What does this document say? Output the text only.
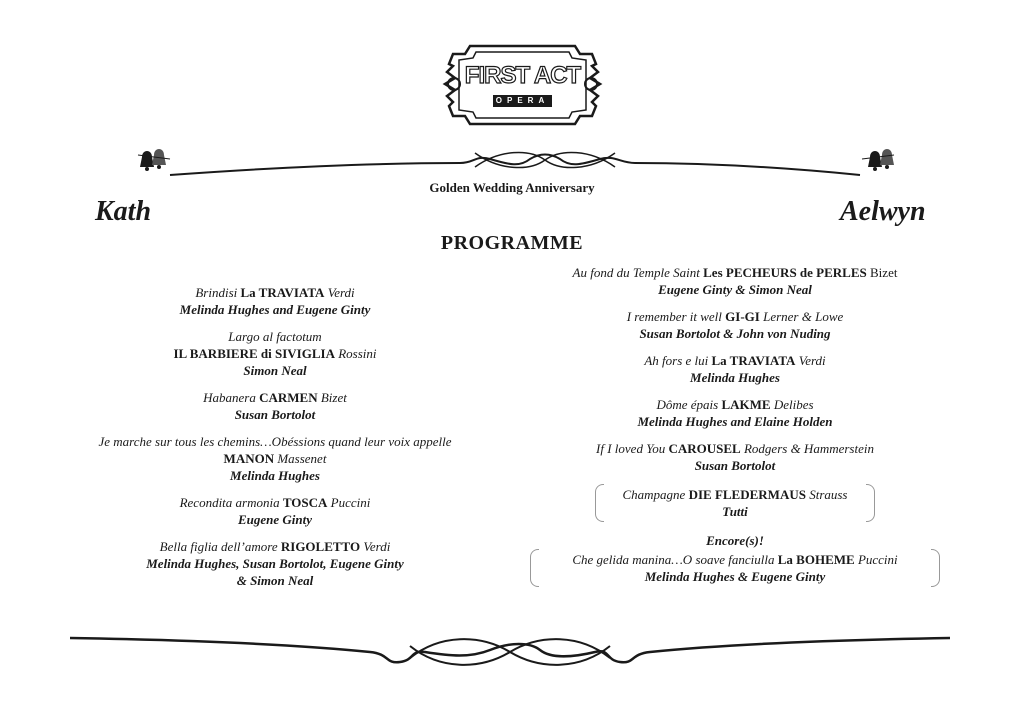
FIRST ACT
OPERA
Golden Wedding Anniversary
Kath	Aelwyn
PROGRAMME
Brindisi La TRAVIATA Verdi
Melinda Hughes and Eugene Ginty
Largo al factotum
IL BARBIERE di SIVIGLIA Rossini
Simon Neal
Habanera CARMEN Bizet
Susan Bortolot
Je marche sur tous les chemins…Obéssions quand leur voix appelle
MANON Massenet
Melinda Hughes
Recondita armonia TOSCA Puccini
Eugene Ginty
Bella figlia dell’amore RIGOLETTO Verdi
Melinda Hughes, Susan Bortolot, Eugene Ginty
& Simon Neal
Au fond du Temple Saint Les PECHEURS de PERLES Bizet
Eugene Ginty & Simon Neal
I remember it well GI-GI Lerner & Lowe
Susan Bortolot & John von Nuding
Ah fors e lui La TRAVIATA Verdi
Melinda Hughes
Dôme épais LAKME Delibes
Melinda Hughes and Elaine Holden
If I loved You CAROUSEL Rodgers & Hammerstein
Susan Bortolot
Champagne DIE FLEDERMAUS Strauss
Tutti
Encore(s)!
Che gelida manina…O soave fanciulla La BOHEME Puccini
Melinda Hughes & Eugene Ginty
